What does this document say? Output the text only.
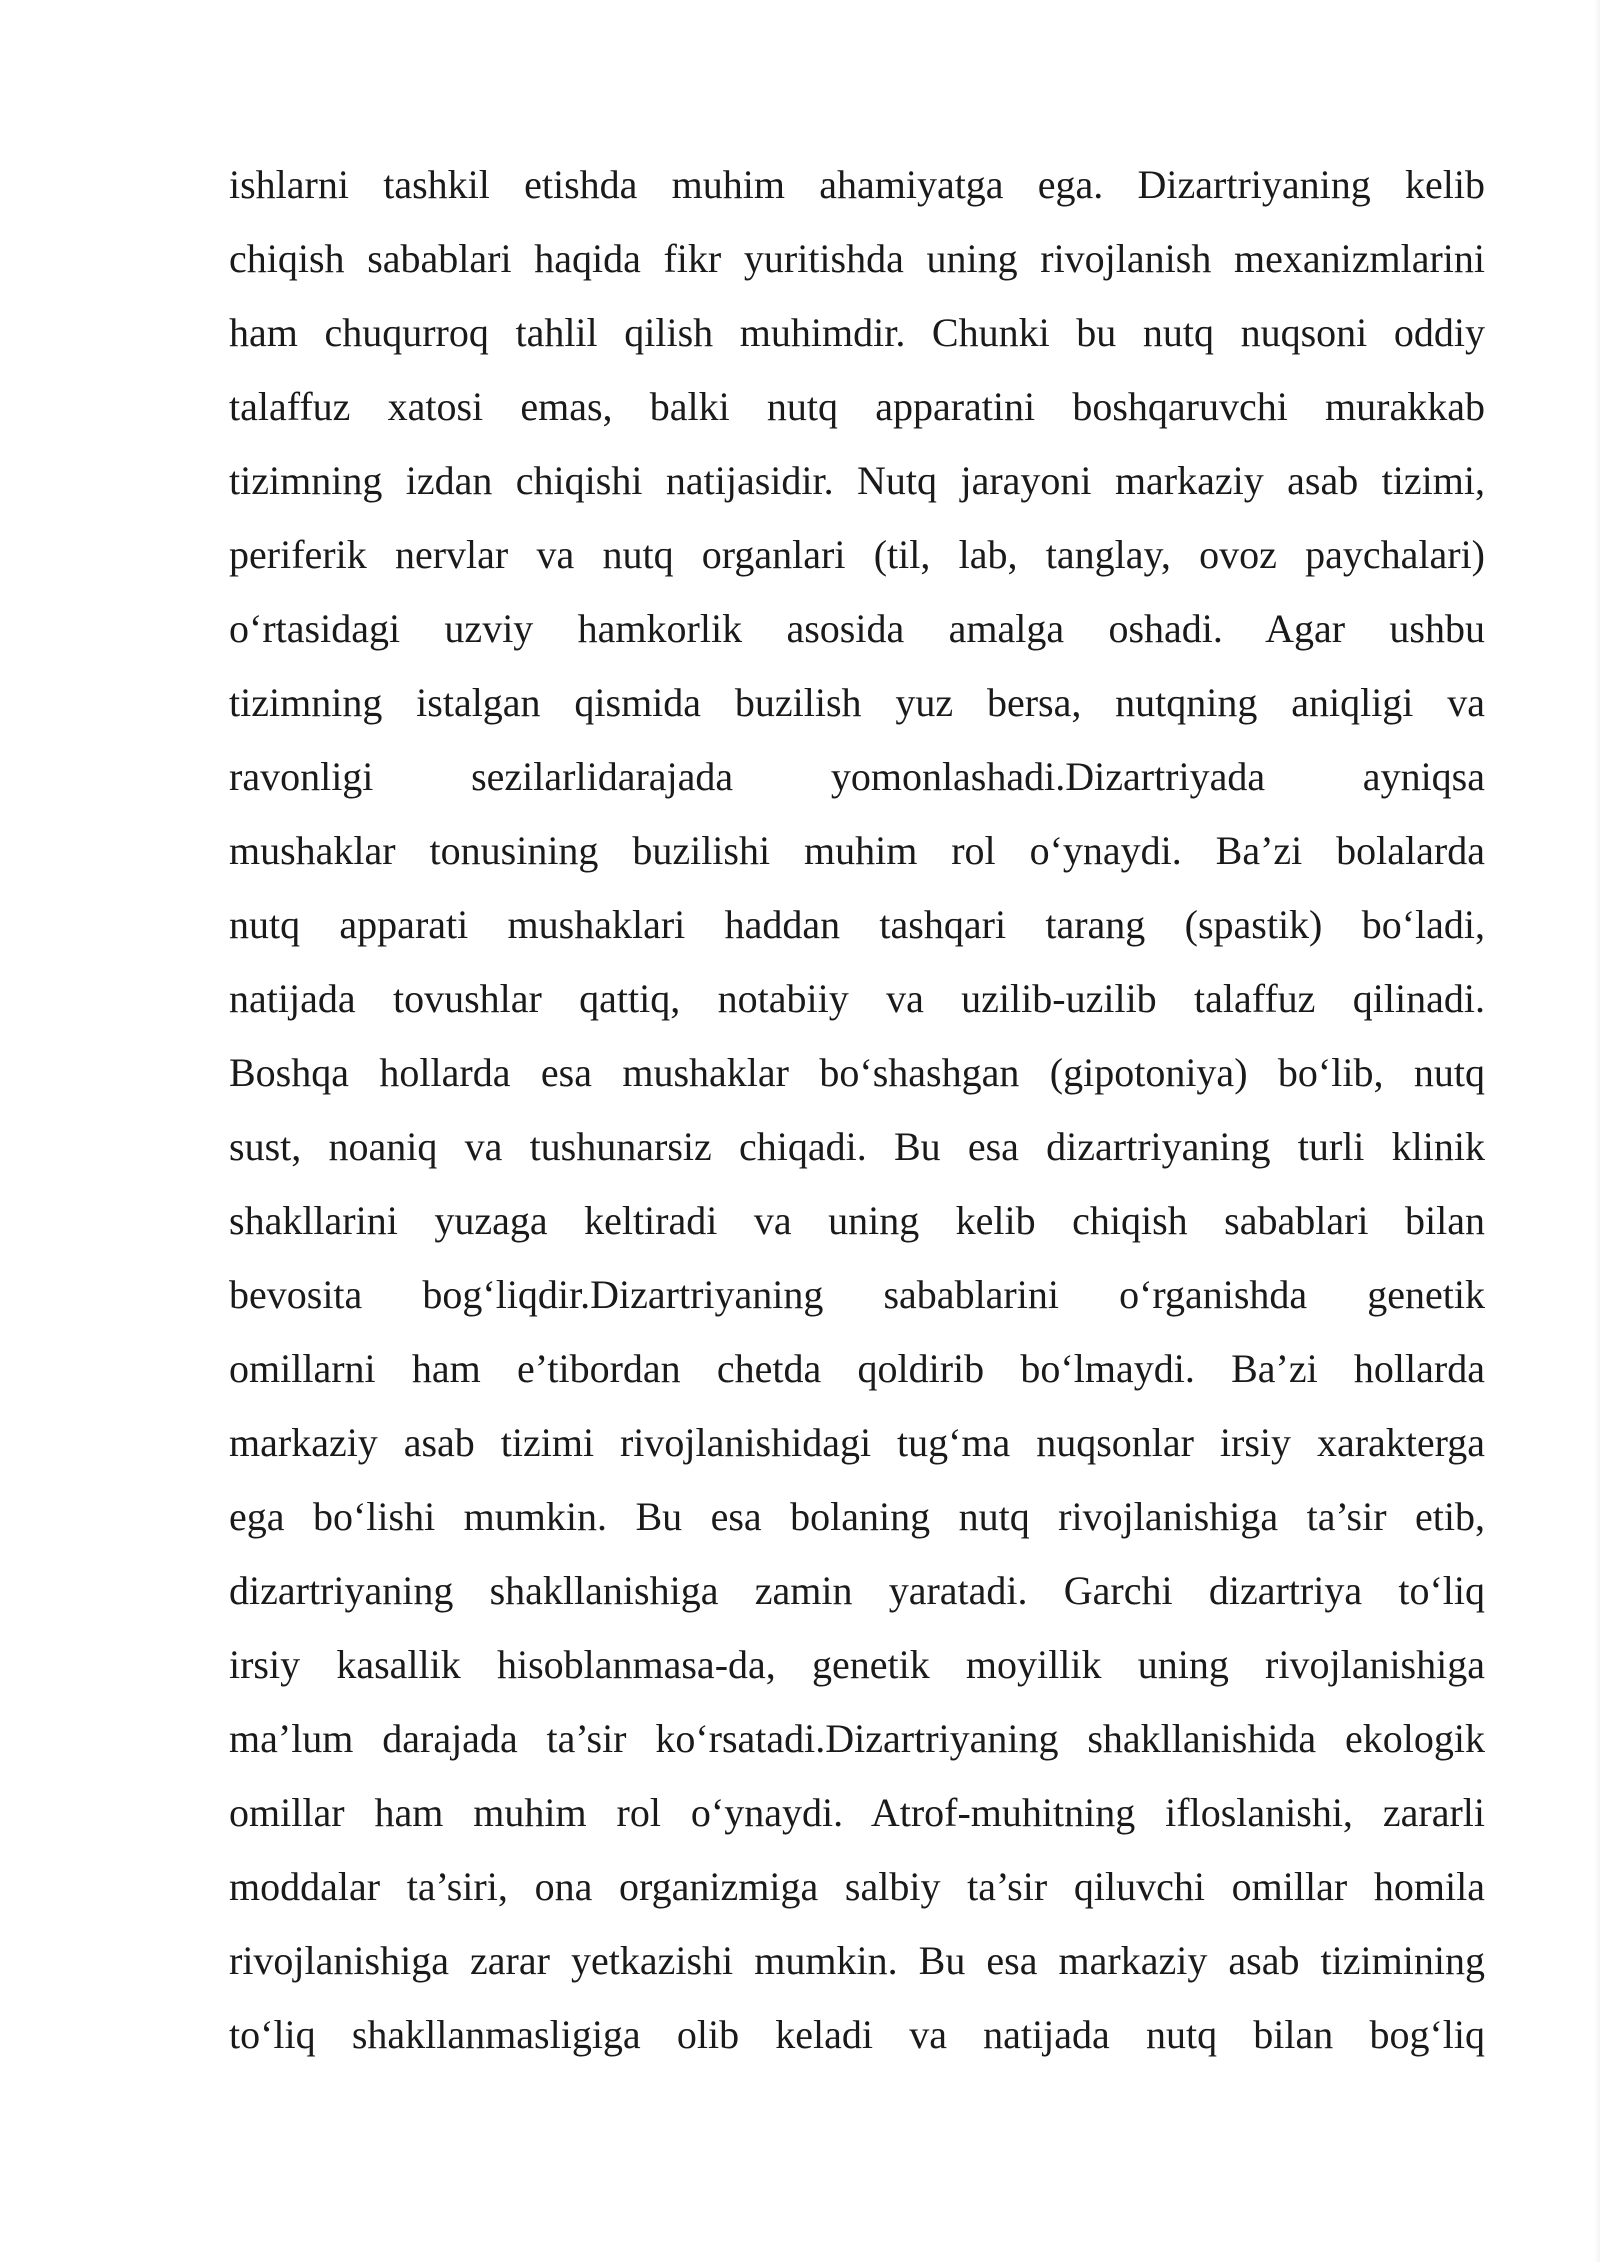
ishlarni tashkil etishda muhim ahamiyatga ega. Dizartriyaning kelib
chiqish sabablari haqida fikr yuritishda uning rivojlanish mexanizmlarini
ham chuqurroq tahlil qilish muhimdir. Chunki bu nutq nuqsoni oddiy
talaffuz xatosi emas, balki nutq apparatini boshqaruvchi murakkab
tizimning izdan chiqishi natijasidir. Nutq jarayoni markaziy asab tizimi,
periferik nervlar va nutq organlari (til, lab, tanglay, ovoz paychalari)
o‘rtasidagi uzviy hamkorlik asosida amalga oshadi. Agar ushbu
tizimning istalgan qismida buzilish yuz bersa, nutqning aniqligi va
ravonligi sezilarlidarajada yomonlashadi.Dizartriyada ayniqsa
mushaklar tonusining buzilishi muhim rol o‘ynaydi. Ba’zi bolalarda
nutq apparati mushaklari haddan tashqari tarang (spastik) bo‘ladi,
natijada tovushlar qattiq, notabiiy va uzilib-uzilib talaffuz qilinadi.
Boshqa hollarda esa mushaklar bo‘shashgan (gipotoniya) bo‘lib, nutq
sust, noaniq va tushunarsiz chiqadi. Bu esa dizartriyaning turli klinik
shakllarini yuzaga keltiradi va uning kelib chiqish sabablari bilan
bevosita bog‘liqdir.Dizartriyaning sabablarini o‘rganishda genetik
omillarni ham e’tibordan chetda qoldirib bo‘lmaydi. Ba’zi hollarda
markaziy asab tizimi rivojlanishidagi tug‘ma nuqsonlar irsiy xarakterga
ega bo‘lishi mumkin. Bu esa bolaning nutq rivojlanishiga ta’sir etib,
dizartriyaning shakllanishiga zamin yaratadi. Garchi dizartriya to‘liq
irsiy kasallik hisoblanmasa-da, genetik moyillik uning rivojlanishiga
ma’lum darajada ta’sir ko‘rsatadi.Dizartriyaning shakllanishida ekologik
omillar ham muhim rol o‘ynaydi. Atrof-muhitning ifloslanishi, zararli
moddalar ta’siri, ona organizmiga salbiy ta’sir qiluvchi omillar homila
rivojlanishiga zarar yetkazishi mumkin. Bu esa markaziy asab tizimining
to‘liq shakllanmasligiga olib keladi va natijada nutq bilan bog‘liq
